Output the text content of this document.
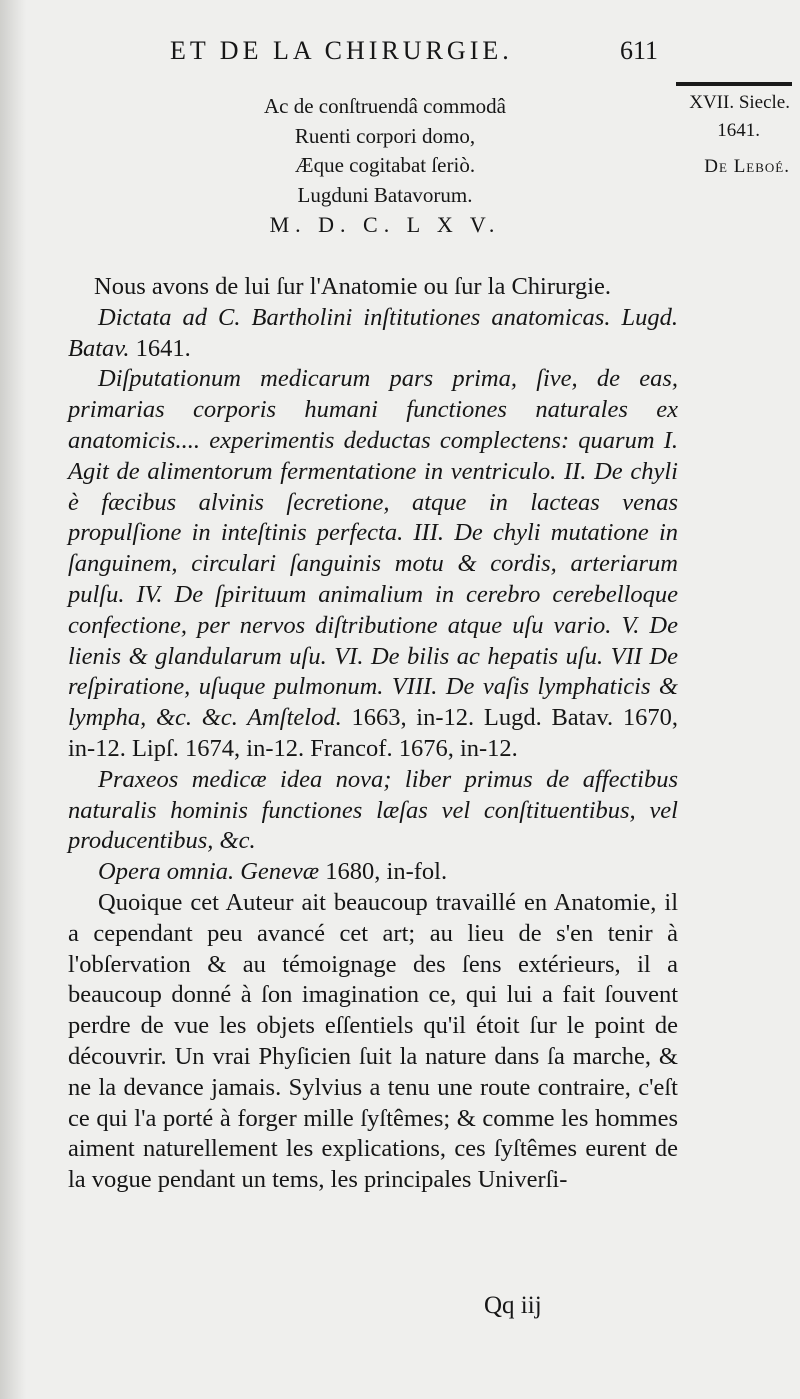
ET DE LA CHIRURGIE.	611
XVII. Siecle.
1641.
De Leboé.
Ac de conſtruendâ commodâ
Ruenti corpori domo,
Æque cogitabat ſeriò.
Lugduni Batavorum.
M. D. C. L X V.

Nous avons de lui ſur l'Anatomie ou ſur la Chirurgie.

Dictata ad C. Bartholini inſtitutiones anatomicas. Lugd. Batav. 1641.

Diſputationum medicarum pars prima, ſive, de eas, primarias corporis humani functiones naturales ex anatomicis.... experimentis deductas complectens: quarum I. Agit de alimentorum fermentatione in ventriculo. II. De chyli è fæcibus alvinis ſecretione, atque in lacteas venas propulſione in inteſtinis perfecta. III. De chyli mutatione in ſanguinem, circulari ſanguinis motu & cordis, arteriarum pulſu. IV. De ſpirituum animalium in cerebro cerebelloque confectione, per nervos diſtributione atque uſu vario. V. De lienis & glandularum uſu. VI. De bilis ac hepatis uſu. VII De reſpiratione, uſuque pulmonum. VIII. De vaſis lymphaticis & lympha, &c. &c. Amſtelod. 1663, in-12. Lugd. Batav. 1670, in-12. Lipſ. 1674, in-12. Francof. 1676, in-12.

Praxeos medicæ idea nova; liber primus de affectibus naturalis hominis functiones læſas vel conſtituentibus, vel producentibus, &c.

Opera omnia. Genevæ 1680, in-fol.

Quoique cet Auteur ait beaucoup travaillé en Anatomie, il a cependant peu avancé cet art; au lieu de s'en tenir à l'obſervation & au témoignage des ſens extérieurs, il a beaucoup donné à ſon imagination ce, qui lui a fait ſouvent perdre de vue les objets eſſentiels qu'il étoit ſur le point de découvrir. Un vrai Phyſicien ſuit la nature dans ſa marche, & ne la devance jamais. Sylvius a tenu une route contraire, c'eſt ce qui l'a porté à forger mille ſyſtêmes; & comme les hommes aiment naturellement les explications, ces ſyſtêmes eurent de la vogue pendant un tems, les principales Univerſi-

Qq iij
